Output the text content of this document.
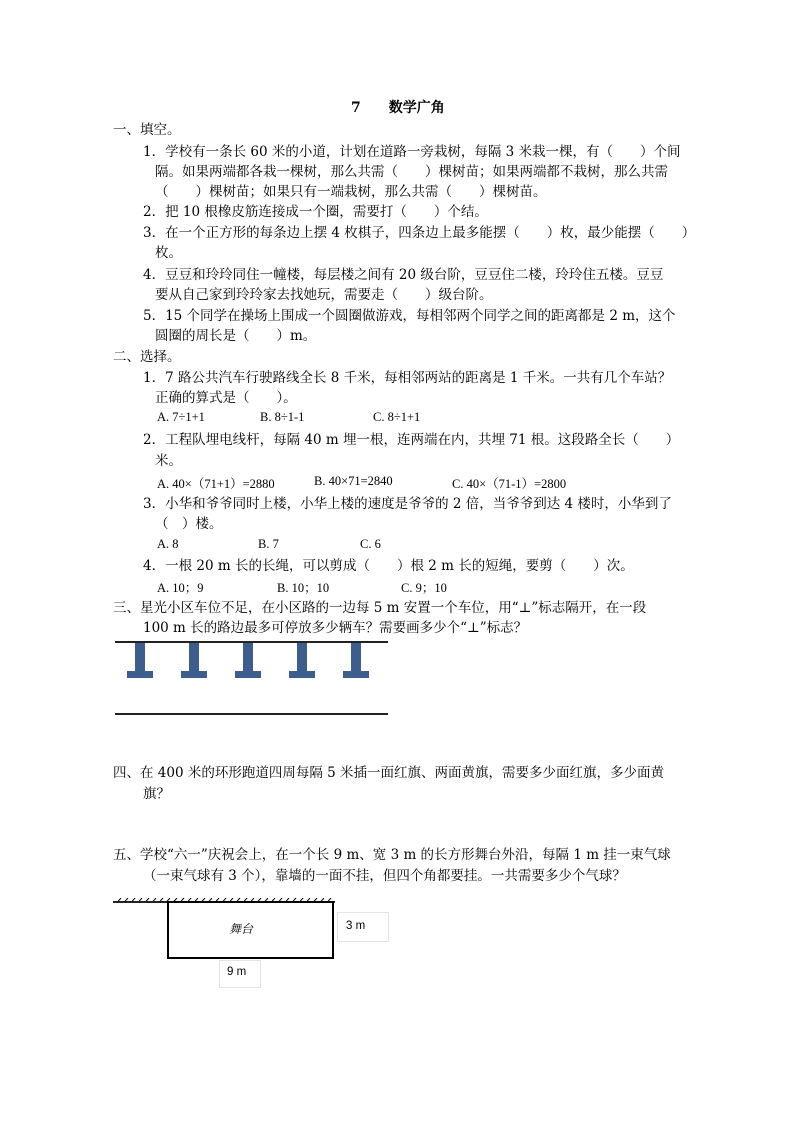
7　　数学广角
一、填空。
1．学校有一条长 60 米的小道，计划在道路一旁栽树，每隔 3 米栽一棵，有（　　）个间
隔。如果两端都各栽一棵树，那么共需（　　）棵树苗；如果两端都不栽树，那么共需
（　　）棵树苗；如果只有一端栽树，那么共需（　　）棵树苗。
2．把 10 根橡皮筋连接成一个圈，需要打（　　）个结。
3．在一个正方形的每条边上摆 4 枚棋子，四条边上最多能摆（　　）枚，最少能摆（　　）
枚。
4．豆豆和玲玲同住一幢楼，每层楼之间有 20 级台阶，豆豆住二楼，玲玲住五楼。豆豆
要从自己家到玲玲家去找她玩，需要走（　　）级台阶。
5．15 个同学在操场上围成一个圆圈做游戏，每相邻两个同学之间的距离都是 2 m，这个
圆圈的周长是（　　）m。
二、选择。
1．7 路公共汽车行驶路线全长 8 千米，每相邻两站的距离是 1 千米。一共有几个车站？
正确的算式是（　　）。
A. 7÷1+1	B. 8÷1-1	C. 8÷1+1
2．工程队埋电线杆，每隔 40 m 埋一根，连两端在内，共埋 71 根。这段路全长（　　）
米。
A. 40×（71+1）=2880	B. 40×71=2840	C. 40×（71-1）=2800
3．小华和爷爷同时上楼，小华上楼的速度是爷爷的 2 倍，当爷爷到达 4 楼时，小华到了
（　）楼。
A. 8	B. 7	C. 6
4．一根 20 m 长的长绳，可以剪成（　　）根 2 m 长的短绳，要剪（　　）次。
A. 10；9	B. 10；10	C. 9；10
三、星光小区车位不足，在小区路的一边每 5 m 安置一个车位，用“⊥”标志隔开，在一段
100 m 长的路边最多可停放多少辆车？需要画多少个“⊥”标志？
四、在 400 米的环形跑道四周每隔 5 米插一面红旗、两面黄旗，需要多少面红旗，多少面黄
旗？
五、学校“六一”庆祝会上，在一个长 9 m、宽 3 m 的长方形舞台外沿，每隔 1 m 挂一束气球
（一束气球有 3 个），靠墙的一面不挂，但四个角都要挂。一共需要多少个气球？
舞台	3 m
9 m
